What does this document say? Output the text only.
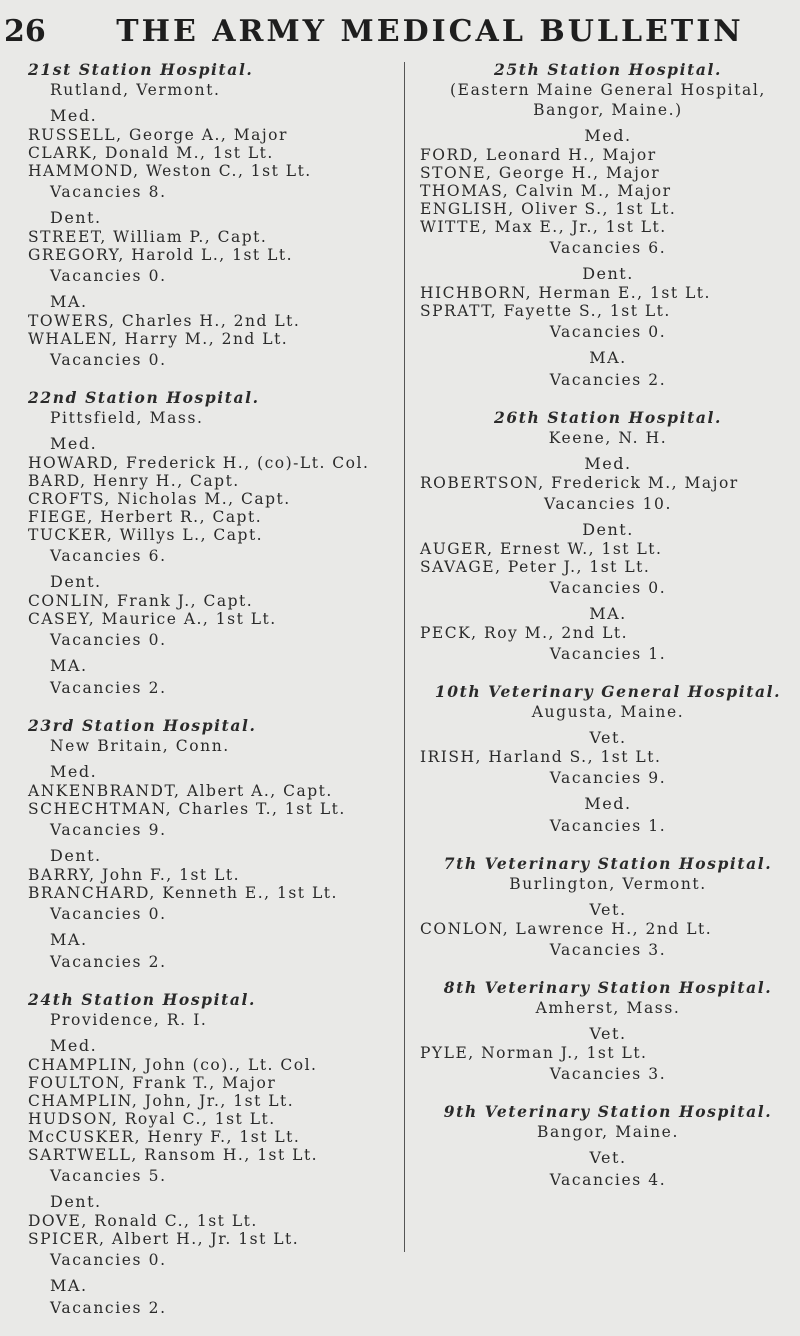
26	THE ARMY MEDICAL BULLETIN

21st Station Hospital.

Rutland, Vermont.

Med.

RUSSELL, George A., Major

CLARK, Donald M., 1st Lt.

HAMMOND, Weston C., 1st Lt.

Vacancies 8.

Dent.

STREET, William P., Capt.

GREGORY, Harold L., 1st Lt.

Vacancies 0.

MA.

TOWERS, Charles H., 2nd Lt.

WHALEN, Harry M., 2nd Lt.

Vacancies 0.

22nd Station Hospital.

Pittsfield, Mass.

Med.

HOWARD, Frederick H., (co)-Lt. Col.

BARD, Henry H., Capt.

CROFTS, Nicholas M., Capt.

FIEGE, Herbert R., Capt.

TUCKER, Willys L., Capt.

Vacancies 6.

Dent.

CONLIN, Frank J., Capt.

CASEY, Maurice A., 1st Lt.

Vacancies 0.

MA.

Vacancies 2.

23rd Station Hospital.

New Britain, Conn.

Med.

ANKENBRANDT, Albert A., Capt.

SCHECHTMAN, Charles T., 1st Lt.

Vacancies 9.

Dent.

BARRY, John F., 1st Lt.

BRANCHARD, Kenneth E., 1st Lt.

Vacancies 0.

MA.

Vacancies 2.

24th Station Hospital.

Providence, R. I.

Med.

CHAMPLIN, John (co)., Lt. Col.

FOULTON, Frank T., Major

CHAMPLIN, John, Jr., 1st Lt.

HUDSON, Royal C., 1st Lt.

McCUSKER, Henry F., 1st Lt.

SARTWELL, Ransom H., 1st Lt.

Vacancies 5.

Dent.

DOVE, Ronald C., 1st Lt.

SPICER, Albert H., Jr. 1st Lt.

Vacancies 0.

MA.

Vacancies 2.

25th Station Hospital.

(Eastern Maine General Hospital,

Bangor, Maine.)

Med.

FORD, Leonard H., Major

STONE, George H., Major

THOMAS, Calvin M., Major

ENGLISH, Oliver S., 1st Lt.

WITTE, Max E., Jr., 1st Lt.

Vacancies 6.

Dent.

HICHBORN, Herman E., 1st Lt.

SPRATT, Fayette S., 1st Lt.

Vacancies 0.

MA.

Vacancies 2.

26th Station Hospital.

Keene, N. H.

Med.

ROBERTSON, Frederick M., Major

Vacancies 10.

Dent.

AUGER, Ernest W., 1st Lt.

SAVAGE, Peter J., 1st Lt.

Vacancies 0.

MA.

PECK, Roy M., 2nd Lt.

Vacancies 1.

10th Veterinary General Hospital.

Augusta, Maine.

Vet.

IRISH, Harland S., 1st Lt.

Vacancies 9.

Med.

Vacancies 1.

7th Veterinary Station Hospital.

Burlington, Vermont.

Vet.

CONLON, Lawrence H., 2nd Lt.

Vacancies 3.

8th Veterinary Station Hospital.

Amherst, Mass.

Vet.

PYLE, Norman J., 1st Lt.

Vacancies 3.

9th Veterinary Station Hospital.

Bangor, Maine.

Vet.

Vacancies 4.
